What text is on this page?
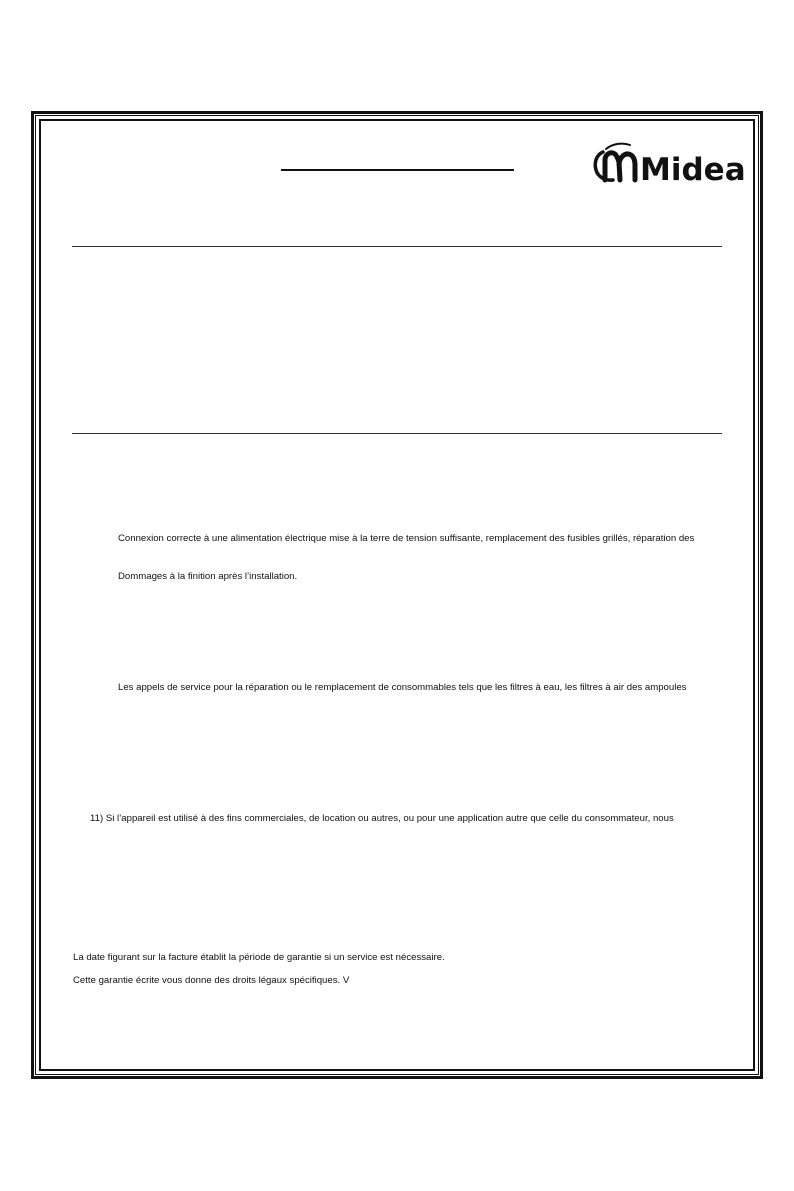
Midea
Connexion correcte à une alimentation électrique mise à la terre de tension suffisante, remplacement des fusibles grillés, réparation des
Dommages à la finition après l’installation.
Les appels de service pour la réparation ou le remplacement de consommables tels que les filtres à eau, les filtres à air des ampoules
11) Si l’appareil est utilisé à des fins commerciales, de location ou autres, ou pour une application autre que celle du consommateur, nous
La date figurant sur la facture établit la période de garantie si un service est nécessaire.
Cette garantie écrite vous donne des droits légaux spécifiques. V
